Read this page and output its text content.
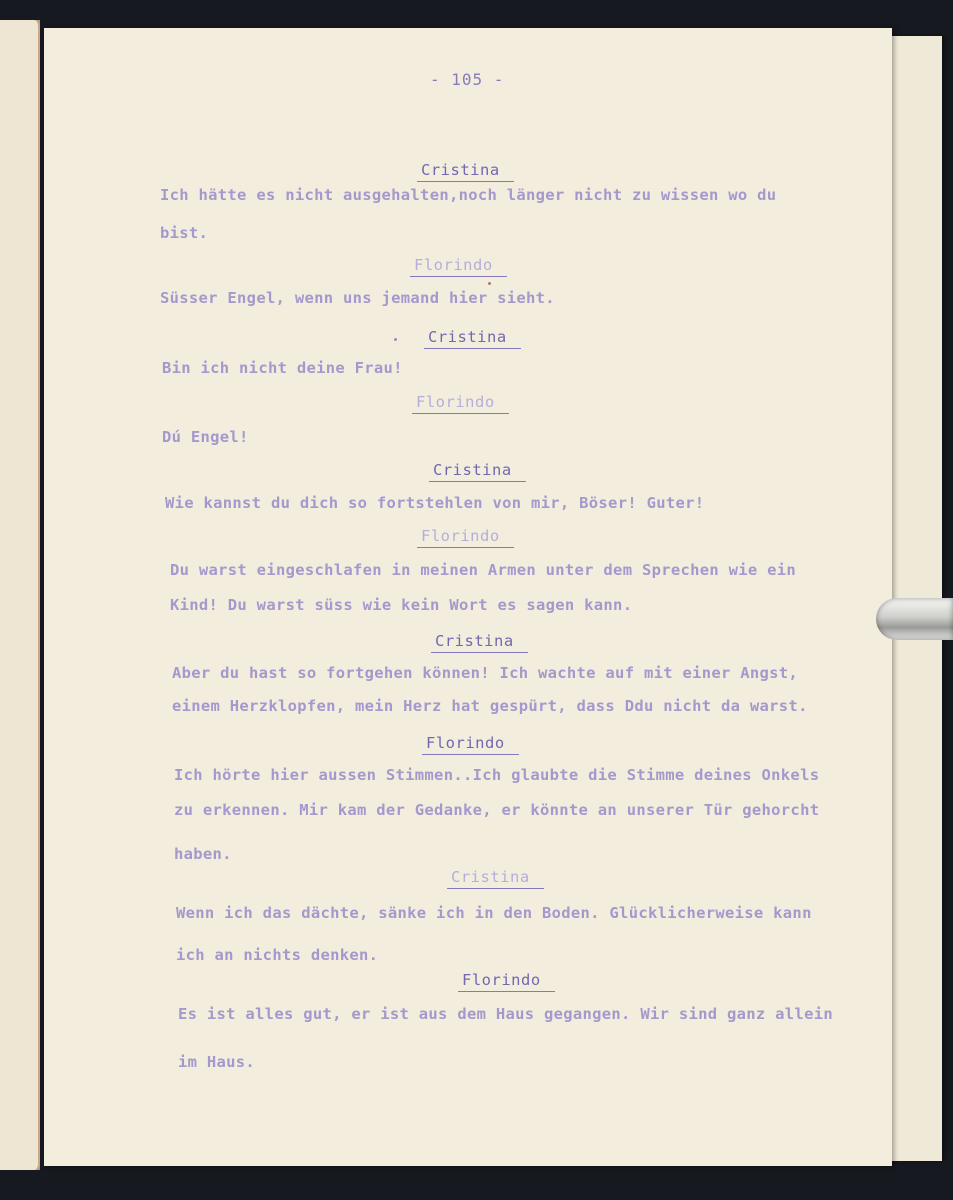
- 105 -
Cristina
Ich hätte es nicht ausgehalten,noch länger nicht zu wissen wo du
bist.
Florindo
Süsser Engel, wenn uns jemand hier sieht.
Cristina
Bin ich nicht deine Frau!
Florindo
Dú Engel!
Cristina
Wie kannst du dich so fortstehlen von mir, Böser! Guter!
Florindo
Du warst eingeschlafen in meinen Armen unter dem Sprechen wie ein
Kind! Du warst süss wie kein Wort es sagen kann.
Cristina
Aber du hast so fortgehen können! Ich wachte auf mit einer Angst,
einem Herzklopfen, mein Herz hat gespürt, dass Ddu nicht da warst.
Florindo
Ich hörte hier aussen Stimmen..Ich glaubte die Stimme deines Onkels
zu erkennen. Mir kam der Gedanke, er könnte an unserer Tür gehorcht
haben.
Cristina
Wenn ich das dächte, sänke ich in den Boden. Glücklicherweise kann
ich an nichts denken.
Florindo
Es ist alles gut, er ist aus dem Haus gegangen. Wir sind ganz allein
im Haus.
